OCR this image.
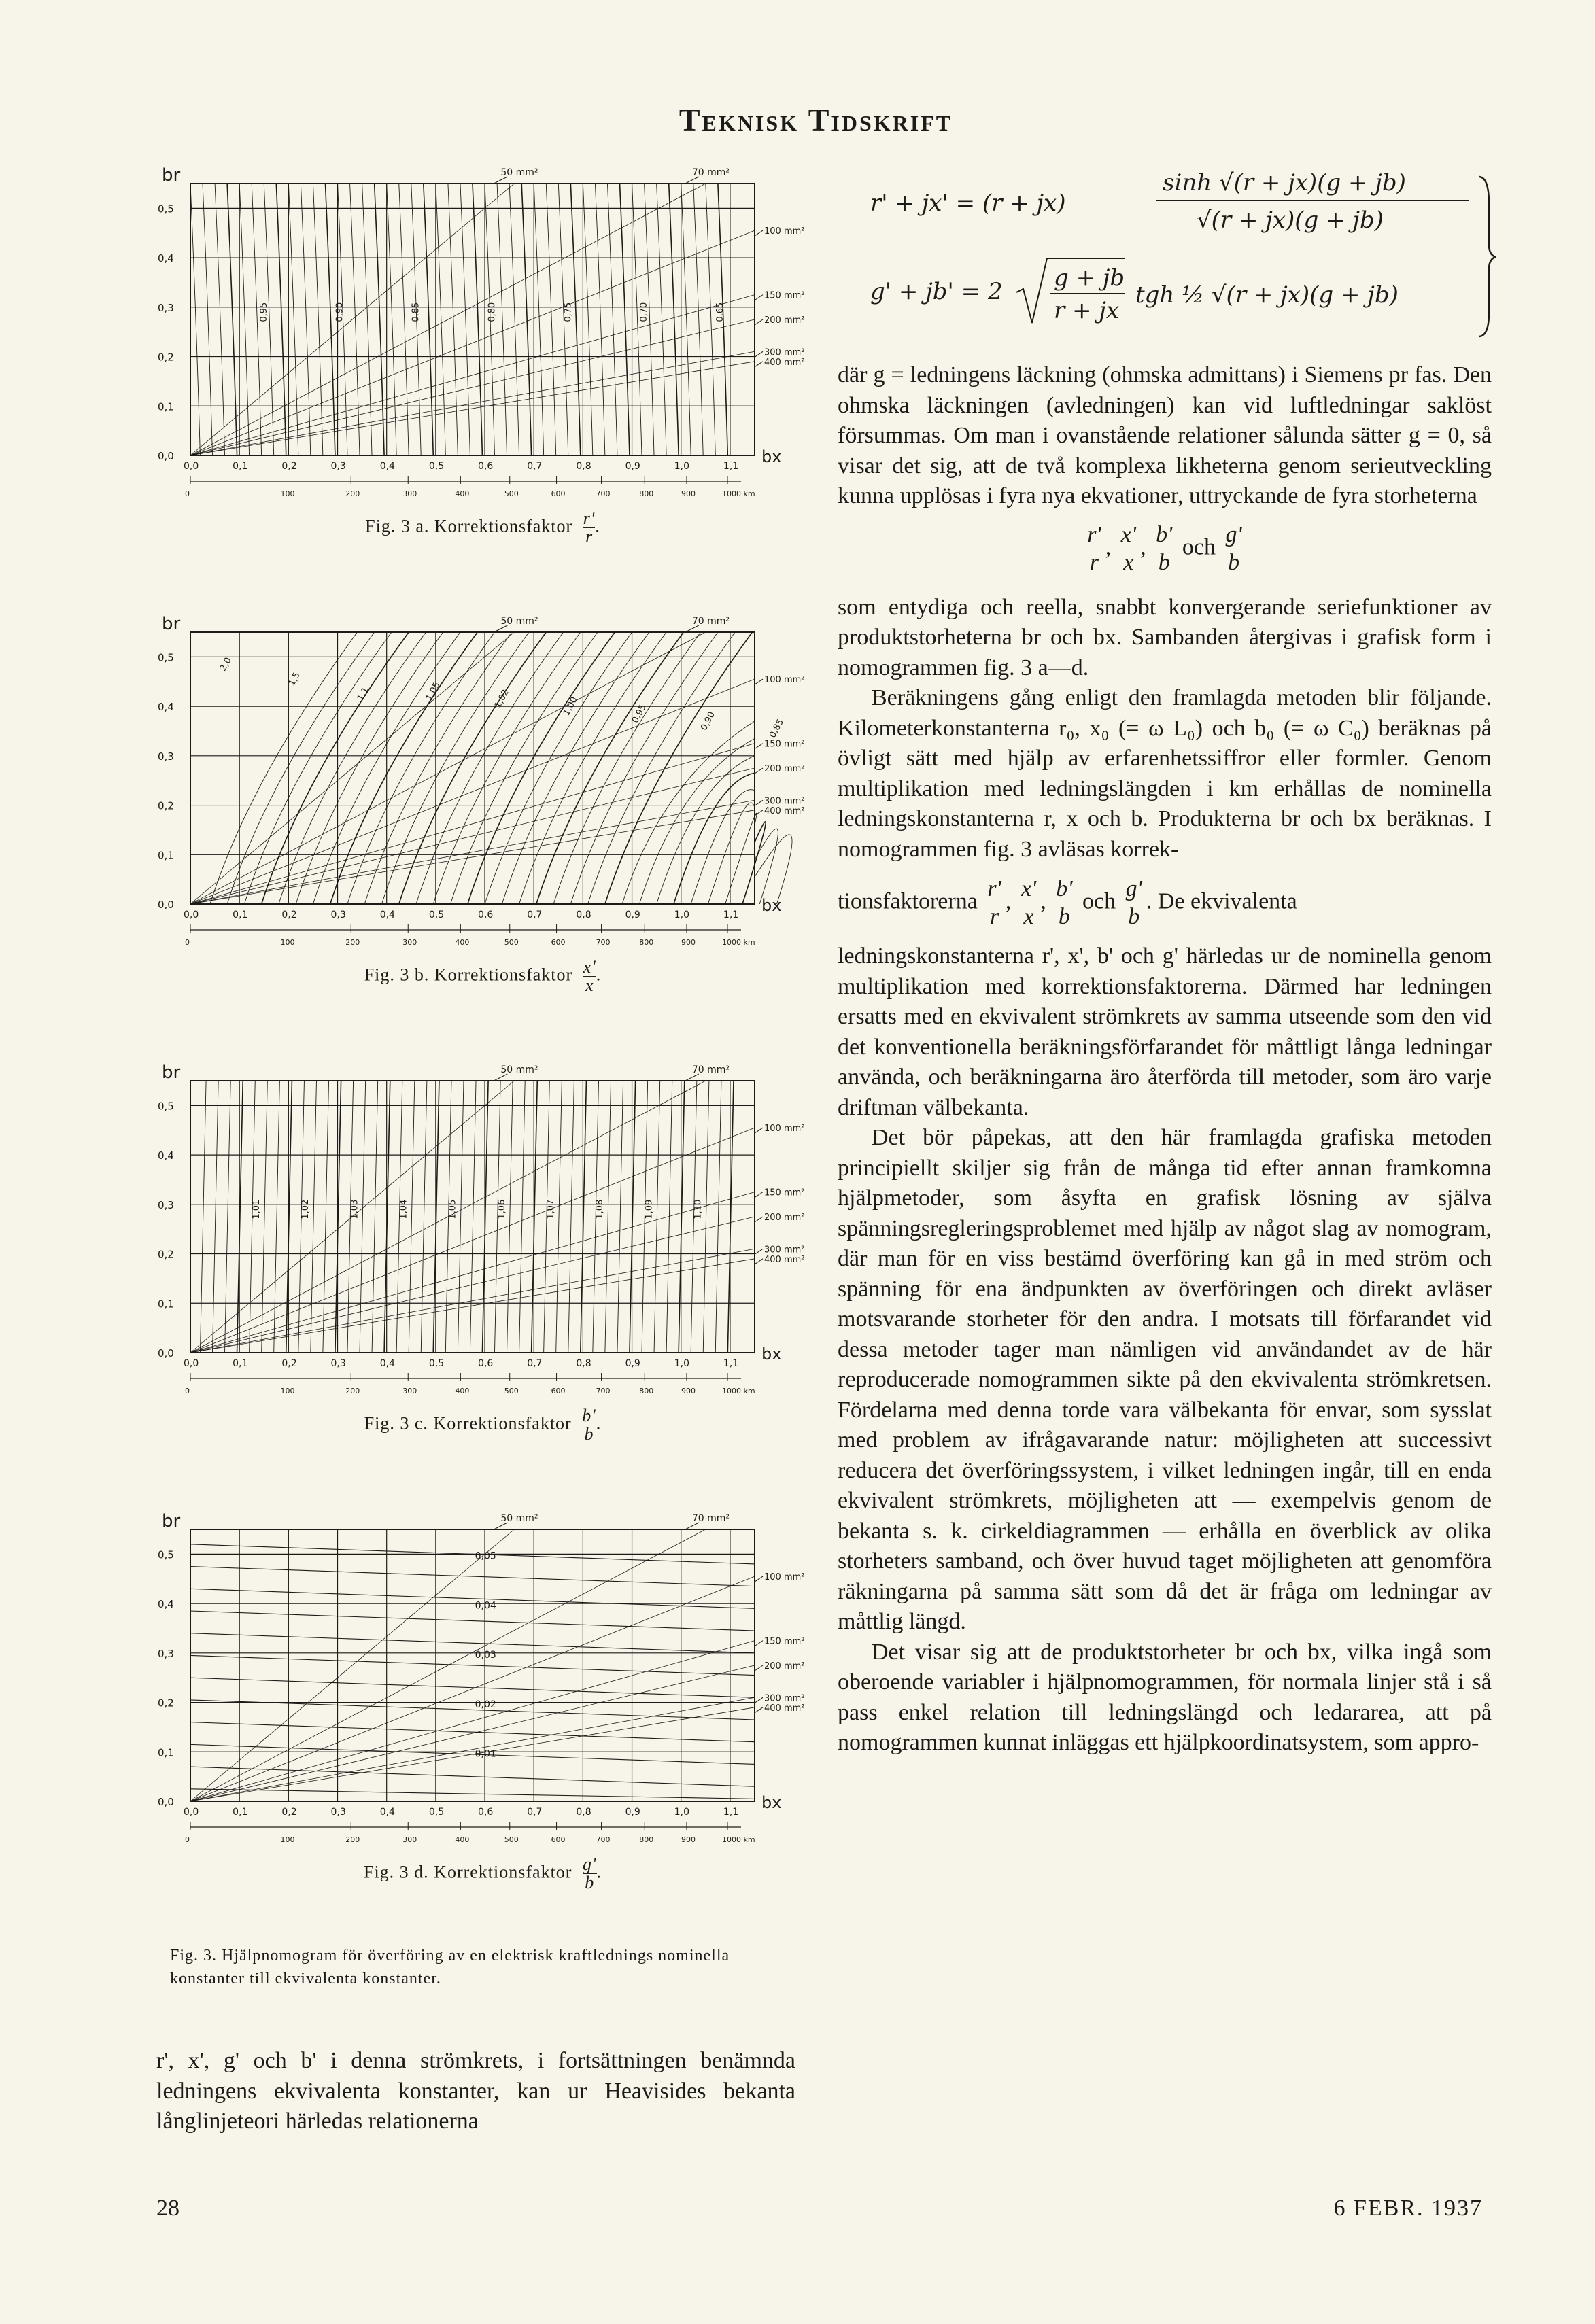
Teknisk Tidskrift
br
0,0
0,1
0,2
0,3
0,4
0,5
0,0	0,1	0,2	0,3	0,4	0,5	0,6	0,7	0,8	0,9	1,0	1,1 bx
0	100	200	300	400	500	600	700	800	900	1000 km
50 mm²	70 mm²
100 mm²
150 mm²
200 mm²
300 mm²
400 mm²
0,95	0,90	0,85	0,80	0,75	0,70	0,65
Fig. 3 a. Korrektionsfaktor $\frac{r'}{r}$ .
br
0,0
0,1
0,2
0,3
0,4
0,5
0,0	0,1	0,2	0,3	0,4	0,5	0,6	0,7	0,8	0,9	1,0	1,1 bx
0	100	200	300	400	500	600	700	800	900	1000 km
50 mm²	70 mm²
100 mm²
150 mm²
200 mm²
300 mm²
400 mm²
2,0
1,5
1,1	1,05	1,02	1,00	0,95	0,90	0,85
Fig. 3 b. Korrektionsfaktor $\frac{x'}{x}$ .
br
0,0
0,1
0,2
0,3
0,4
0,5
0,0	0,1	0,2	0,3	0,4	0,5	0,6	0,7	0,8	0,9	1,0	1,1 bx
0	100	200	300	400	500	600	700	800	900	1000 km
50 mm²	70 mm²
100 mm²
150 mm²
200 mm²
300 mm²
400 mm²
1,01	1,02	1,03	1,04	1,05	1,06	1,07	1,08	1,09	1,10
Fig. 3 c. Korrektionsfaktor $\frac{b'}{b}$ .
br
0,0
0,1
0,2
0,3
0,4
0,5
0,0	0,1	0,2	0,3	0,4	0,5	0,6	0,7	0,8	0,9	1,0	1,1 bx
0	100	200	300	400	500	600	700	800	900	1000 km
50 mm²	70 mm²
100 mm²
150 mm²
200 mm²
300 mm²
400 mm²
0,05
0,04
0,03
0,02
0,01
Fig. 3 d. Korrektionsfaktor $\frac{g'}{b}$ .
Fig. 3. Hjälpnomogram för överföring av en elektrisk kraftlednings nominella konstanter till ekvivalenta konstanter.

r', x', g' och b' i denna strömkrets, i fortsättningen benämnda ledningens ekvivalenta konstanter, kan ur Heavisides bekanta långlinjeteori härledas relationerna

r' + jx' = (r + jx)
sinh √(r + jx)(g + jb)
√(r + jx)(g + jb)
g' + jb' = 2 g + jb
r + jx
tgh ½ √(r + jx)(g + jb)

där g = ledningens läckning (ohmska admittans) i Siemens pr fas. Den ohmska läckningen (avledningen) kan vid luftledningar saklöst försummas. Om man i ovanstående relationer sålunda sätter g = 0, så visar det sig, att de två komplexa likheterna genom serieutveckling kunna upplösas i fyra nya ekvationer, uttryckande de fyra storheterna

$\frac{r'}{r}$ , $\frac{x'}{x}$ , $\frac{b'}{b}$ och $\frac{g'}{b}$

som entydiga och reella, snabbt konvergerande seriefunktioner av produktstorheterna br och bx. Sambanden återgivas i grafisk form i nomogrammen fig. 3 a—d.

Beräkningens gång enligt den framlagda metoden blir följande. Kilometerkonstanterna r₀, x₀ (= ω L₀) och b₀ (= ω C₀) beräknas på övligt sätt med hjälp av erfarenhetssiffror eller formler. Genom multiplikation med ledningslängden i km erhållas de nominella ledningskonstanterna r, x och b. Produkterna br och bx beräknas. I nomogrammen fig. 3 avläsas korrek-

tionsfaktorerna $\frac{r'}{r}$ , $\frac{x'}{x}$ , $\frac{b'}{b}$ och $\frac{g'}{b}$ . De ekvivalenta

ledningskonstanterna r', x', b' och g' härledas ur de nominella genom multiplikation med korrektionsfaktorerna. Därmed har ledningen ersatts med en ekvivalent strömkrets av samma utseende som den vid det konventionella beräkningsförfarandet för måttligt långa ledningar använda, och beräkningarna äro återförda till metoder, som äro varje driftman välbekanta.

Det bör påpekas, att den här framlagda grafiska metoden principiellt skiljer sig från de många tid efter annan framkomna hjälpmetoder, som åsyfta en grafisk lösning av själva spänningsregleringsproblemet med hjälp av något slag av nomogram, där man för en viss bestämd överföring kan gå in med ström och spänning för ena ändpunkten av överföringen och direkt avläser motsvarande storheter för den andra. I motsats till förfarandet vid dessa metoder tager man nämligen vid användandet av de här reproducerade nomogrammen sikte på den ekvivalenta strömkretsen. Fördelarna med denna torde vara välbekanta för envar, som sysslat med problem av ifrågavarande natur: möjligheten att successivt reducera det överföringssystem, i vilket ledningen ingår, till en enda ekvivalent strömkrets, möjligheten att — exempelvis genom de bekanta s. k. cirkeldiagrammen — erhålla en överblick av olika storheters samband, och över huvud taget möjligheten att genomföra räkningarna på samma sätt som då det är fråga om ledningar av måttlig längd.

Det visar sig att de produktstorheter br och bx, vilka ingå som oberoende variabler i hjälpnomogrammen, för normala linjer stå i så pass enkel relation till ledningslängd och ledararea, att på nomogrammen kunnat inläggas ett hjälpkoordinatsystem, som appro-

28	6 FEBR. 1937
